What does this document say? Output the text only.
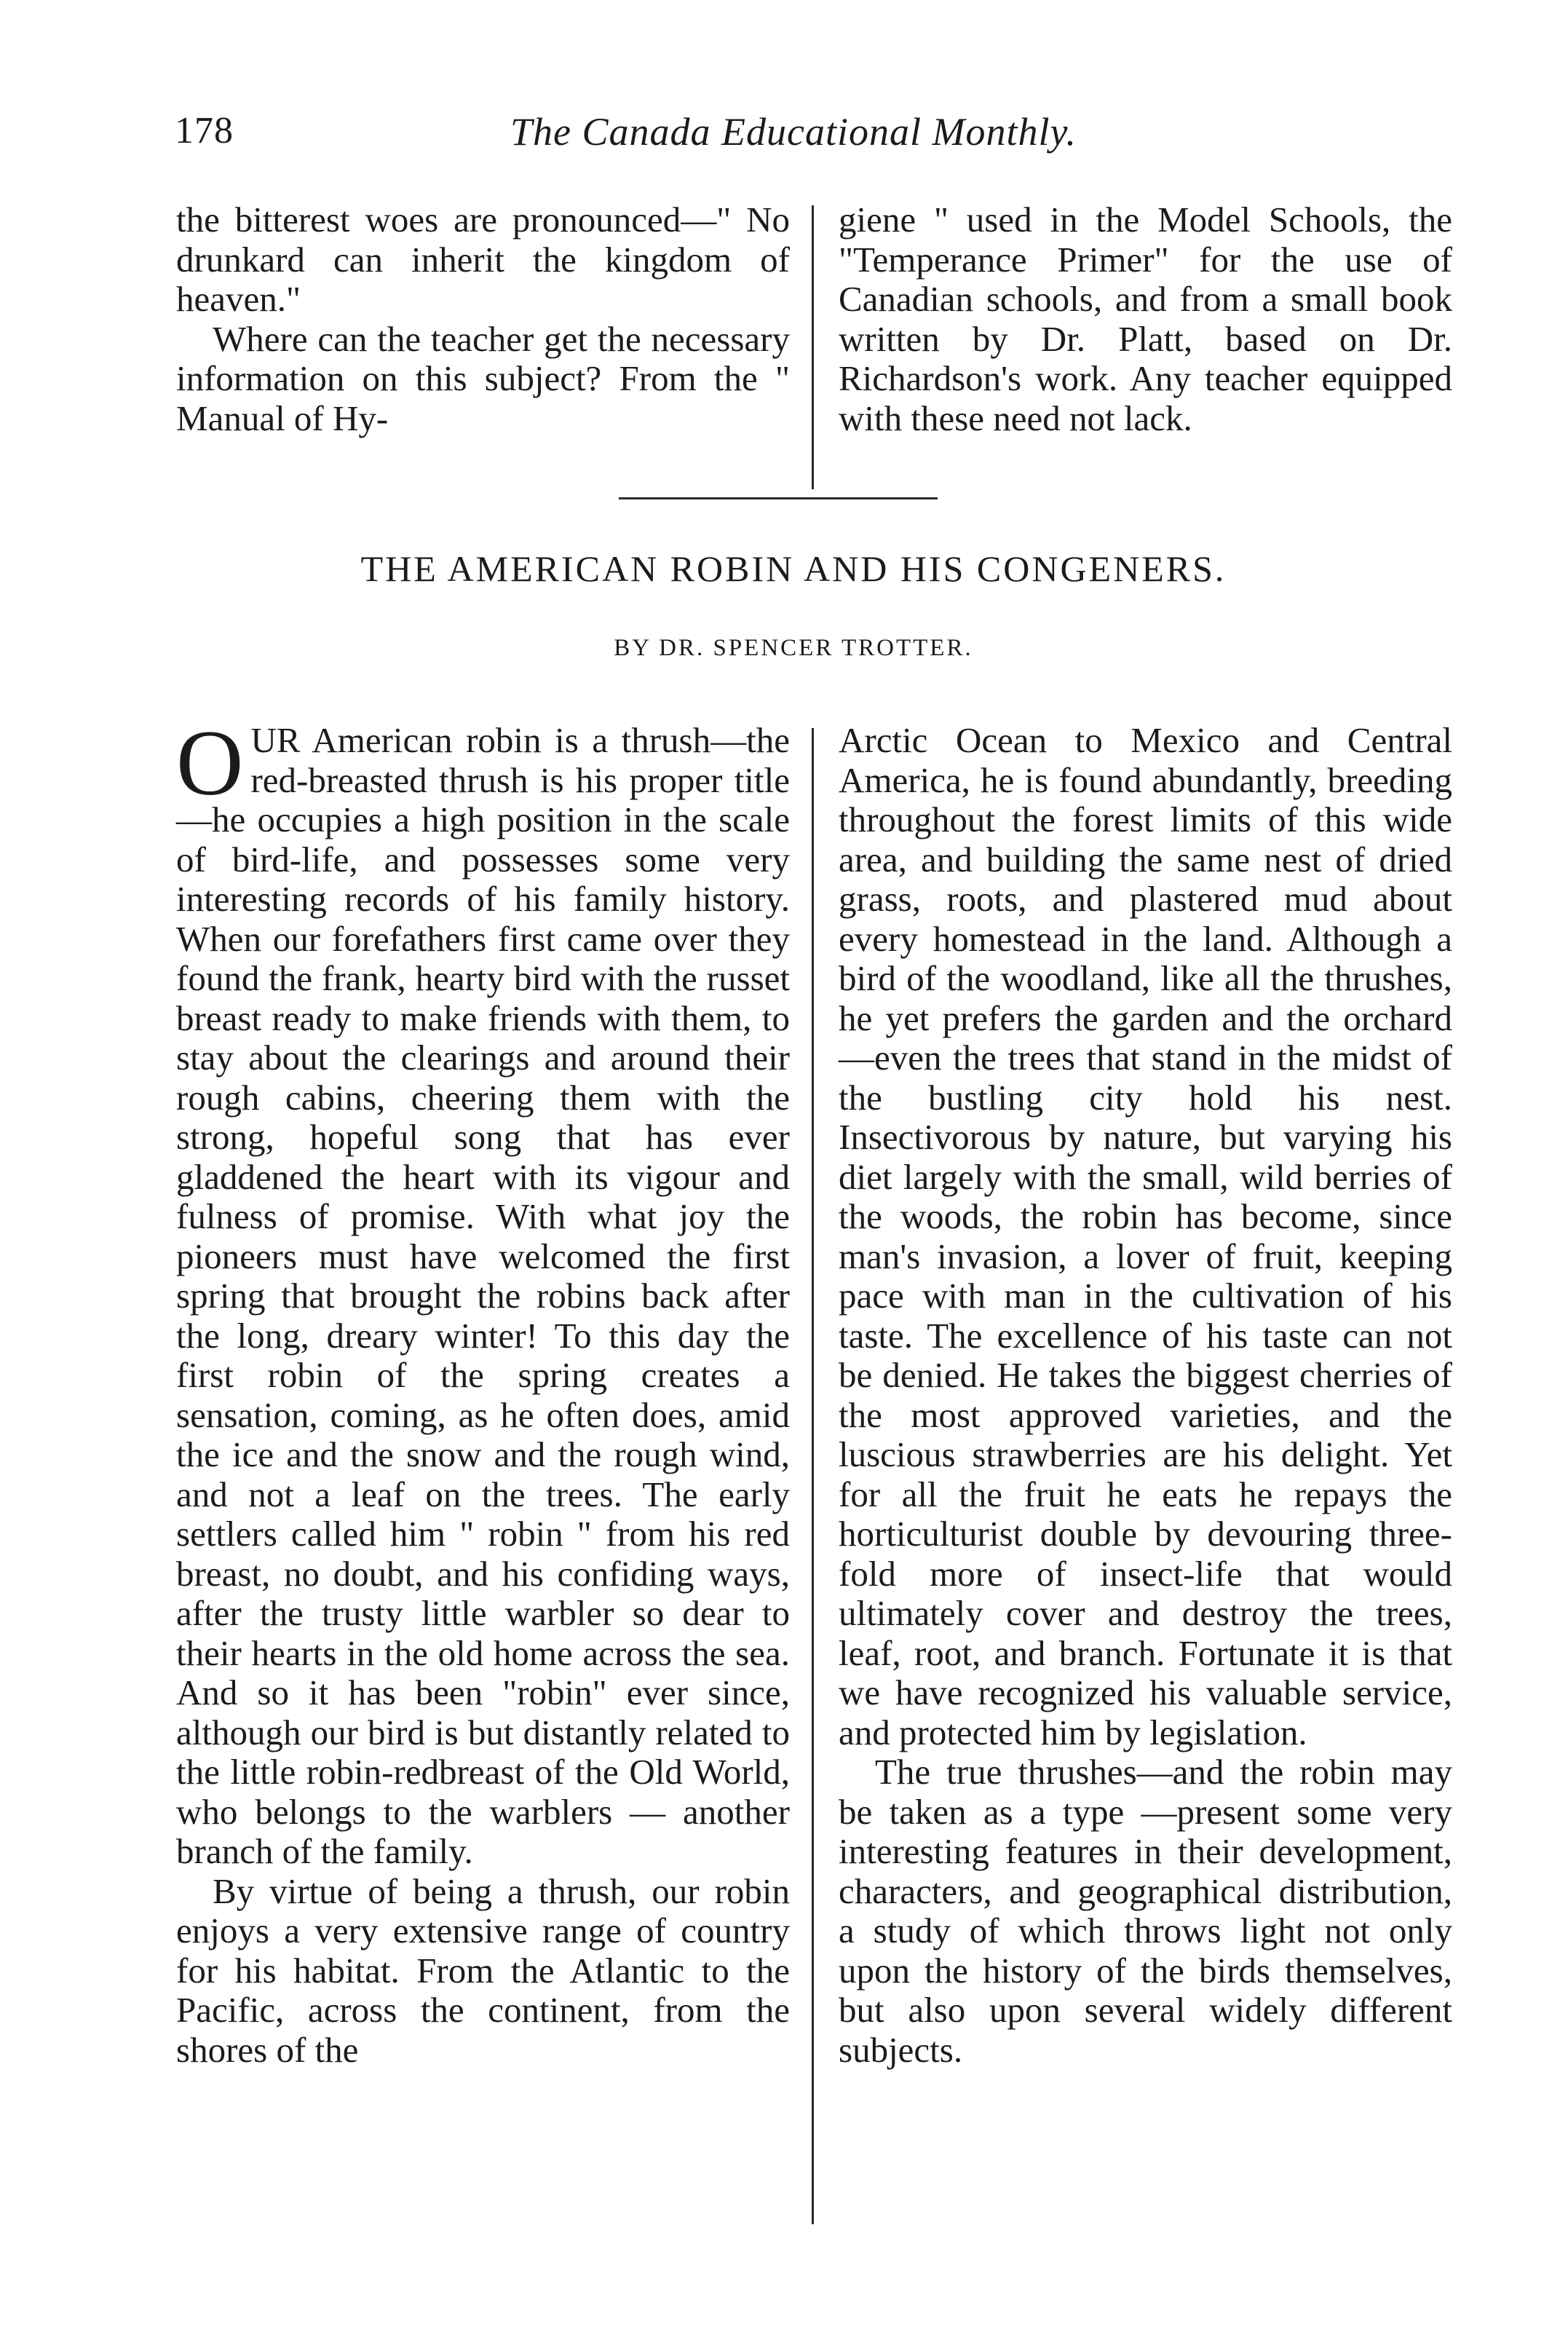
178	The Canada Educational Monthly.

the bitterest woes are pronounced—" No drunkard can inherit the kingdom of heaven."

Where can the teacher get the necessary information on this subject? From the " Manual of Hy-

giene " used in the Model Schools, the "Temperance Primer" for the use of Canadian schools, and from a small book written by Dr. Platt, based on Dr. Richardson's work. Any teacher equipped with these need not lack.

THE AMERICAN ROBIN AND HIS CONGENERS.
BY DR. SPENCER TROTTER.

OUR American robin is a thrush—the red-breasted thrush is his proper title—he occupies a high position in the scale of bird-life, and possesses some very interesting records of his family history. When our forefathers first came over they found the frank, hearty bird with the russet breast ready to make friends with them, to stay about the clearings and around their rough cabins, cheering them with the strong, hopeful song that has ever gladdened the heart with its vigour and fulness of promise. With what joy the pioneers must have welcomed the first spring that brought the robins back after the long, dreary winter! To this day the first robin of the spring creates a sensation, coming, as he often does, amid the ice and the snow and the rough wind, and not a leaf on the trees. The early settlers called him " robin " from his red breast, no doubt, and his confiding ways, after the trusty little warbler so dear to their hearts in the old home across the sea. And so it has been "robin" ever since, although our bird is but distantly related to the little robin-redbreast of the Old World, who belongs to the warblers — another branch of the family.

By virtue of being a thrush, our robin enjoys a very extensive range of country for his habitat. From the Atlantic to the Pacific, across the continent, from the shores of the

Arctic Ocean to Mexico and Central America, he is found abundantly, breeding throughout the forest limits of this wide area, and building the same nest of dried grass, roots, and plastered mud about every homestead in the land. Although a bird of the woodland, like all the thrushes, he yet prefers the garden and the orchard—even the trees that stand in the midst of the bustling city hold his nest. Insectivorous by nature, but varying his diet largely with the small, wild berries of the woods, the robin has become, since man's invasion, a lover of fruit, keeping pace with man in the cultivation of his taste. The excellence of his taste can not be denied. He takes the biggest cherries of the most approved varieties, and the luscious strawberries are his delight. Yet for all the fruit he eats he repays the horticulturist double by devouring three-fold more of insect-life that would ultimately cover and destroy the trees, leaf, root, and branch. Fortunate it is that we have recognized his valuable service, and protected him by legislation.

The true thrushes—and the robin may be taken as a type —present some very interesting features in their development, characters, and geographical distribution, a study of which throws light not only upon the history of the birds themselves, but also upon several widely different subjects.
